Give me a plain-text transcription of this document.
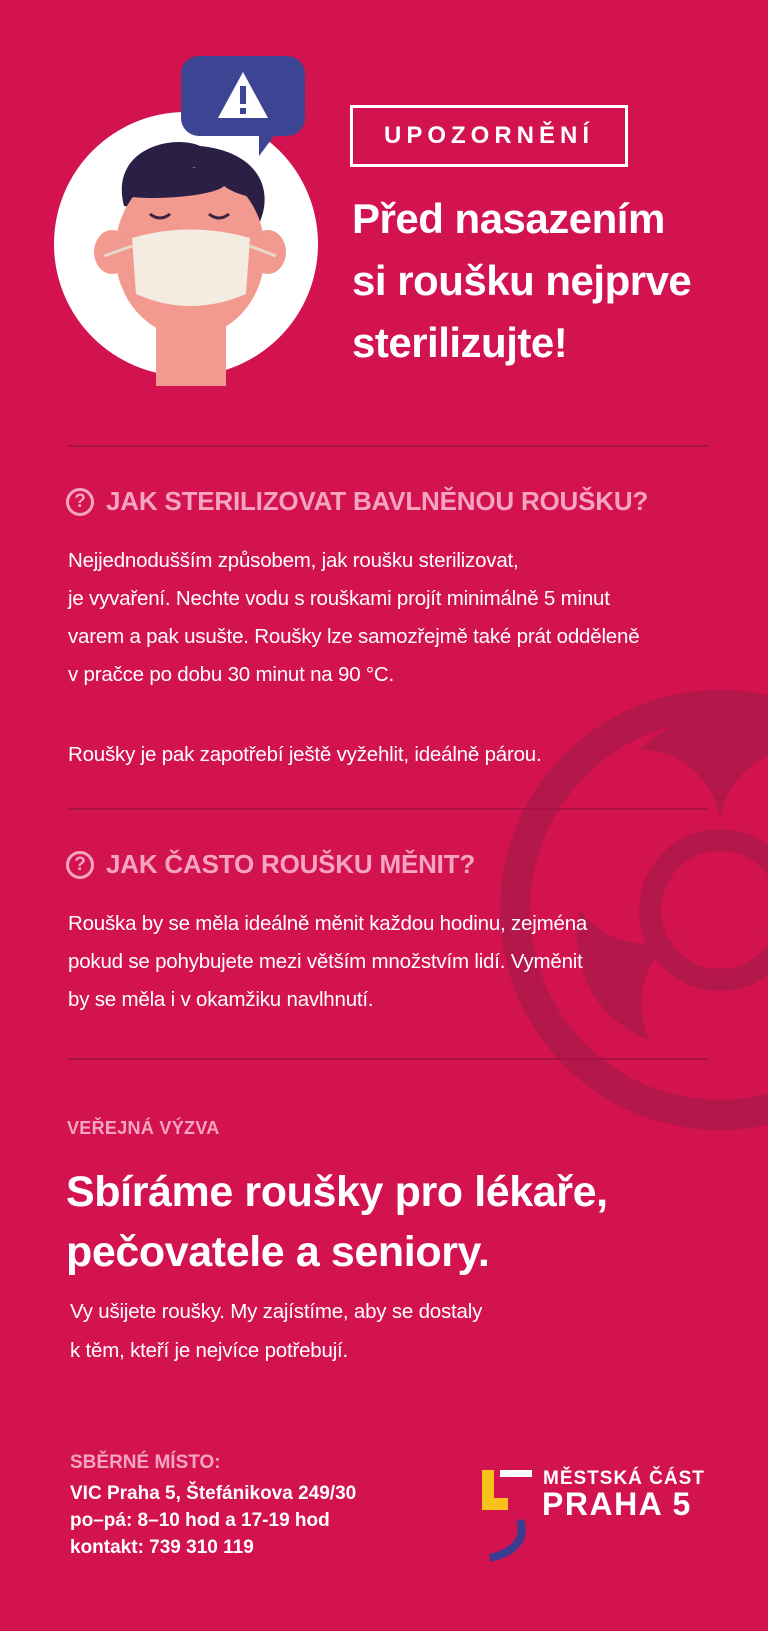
UPOZORNĚNÍ
Před nasazením
si roušku nejprve
sterilizujte!
? JAK STERILIZOVAT BAVLNĚNOU ROUŠKU?

Nejjednodušším způsobem, jak roušku sterilizovat,
je vyvaření. Nechte vodu s rouškami projít minimálně 5 minut
varem a pak usušte. Roušky lze samozřejmě také prát odděleně
v pračce po dobu 30 minut na 90 °C.

Roušky je pak zapotřebí ještě vyžehlit, ideálně párou.

? JAK ČASTO ROUŠKU MĚNIT?

Rouška by se měla ideálně měnit každou hodinu, zejména
pokud se pohybujete mezi větším množstvím lidí. Vyměnit
by se měla i v okamžiku navlhnutí.

VEŘEJNÁ VÝZVA
Sbíráme roušky pro lékaře,
pečovatele a seniory.

Vy ušijete roušky. My zajístíme, aby se dostaly
k těm, kteří je nejvíce potřebují.

SBĚRNÉ MÍSTO:

VIC Praha 5, Štefánikova 249/30
po–pá: 8–10 hod a 17-19 hod
kontakt: 739 310 119

MĚSTSKÁ ČÁST
PRAHA 5
